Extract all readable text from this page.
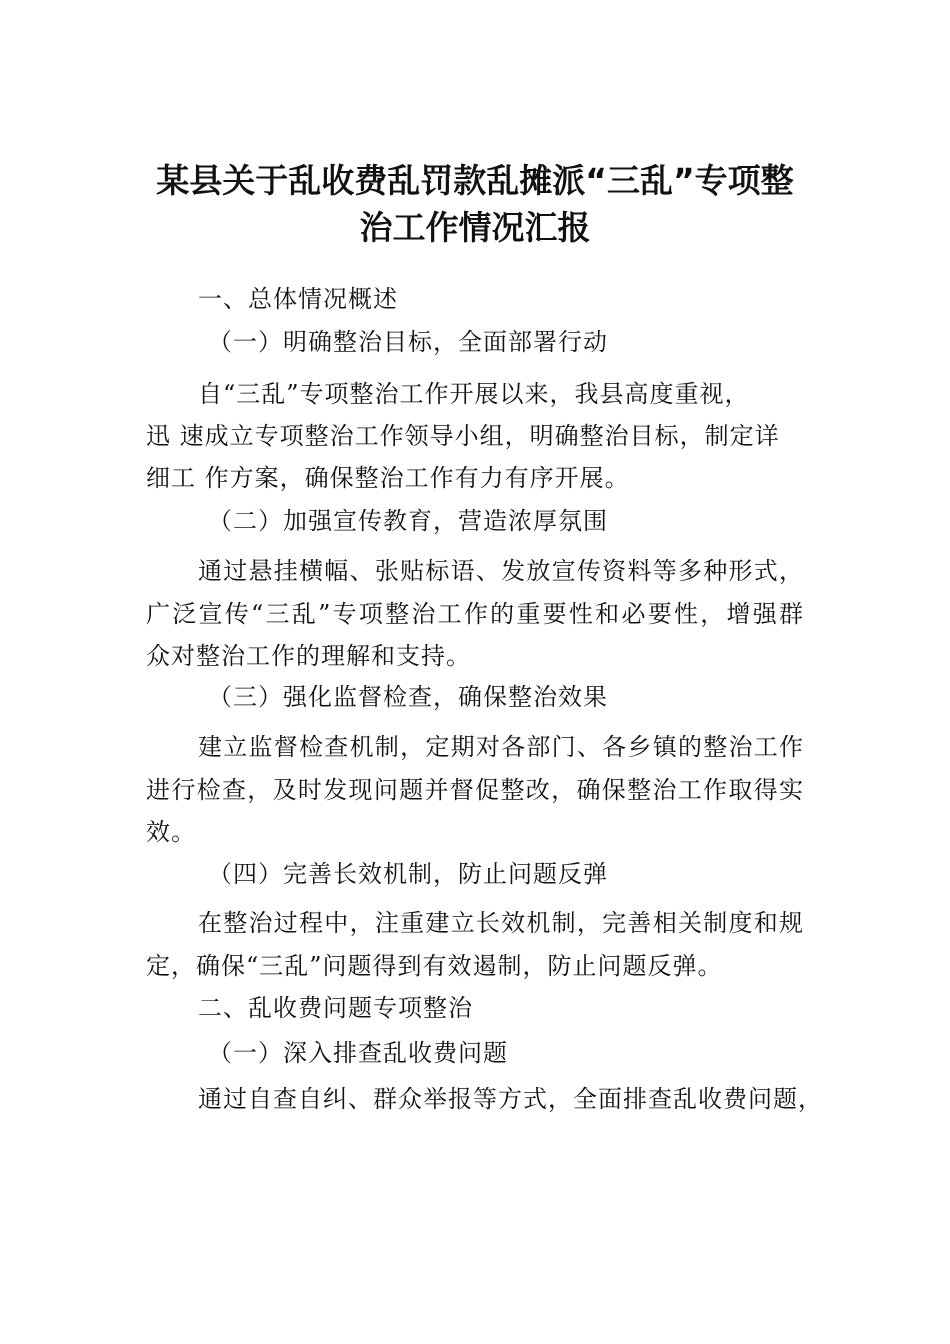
某县关于乱收费乱罚款乱摊派“三乱”专项整
治工作情况汇报
一、总体情况概述
（一）明确整治目标，全面部署行动
自“三乱”专项整治工作开展以来，我县高度重视，
迅 速成立专项整治工作领导小组，明确整治目标，制定详
细工 作方案，确保整治工作有力有序开展。
（二）加强宣传教育，营造浓厚氛围
通过悬挂横幅、张贴标语、发放宣传资料等多种形式，
广泛宣传“三乱”专项整治工作的重要性和必要性，增强群
众对整治工作的理解和支持。
（三）强化监督检查，确保整治效果
建立监督检查机制，定期对各部门、各乡镇的整治工作
进行检查，及时发现问题并督促整改，确保整治工作取得实
效。
（四）完善长效机制，防止问题反弹
在整治过程中，注重建立长效机制，完善相关制度和规
定，确保“三乱”问题得到有效遏制，防止问题反弹。
二、乱收费问题专项整治
（一）深入排查乱收费问题
通过自查自纠、群众举报等方式，全面排查乱收费问题，
